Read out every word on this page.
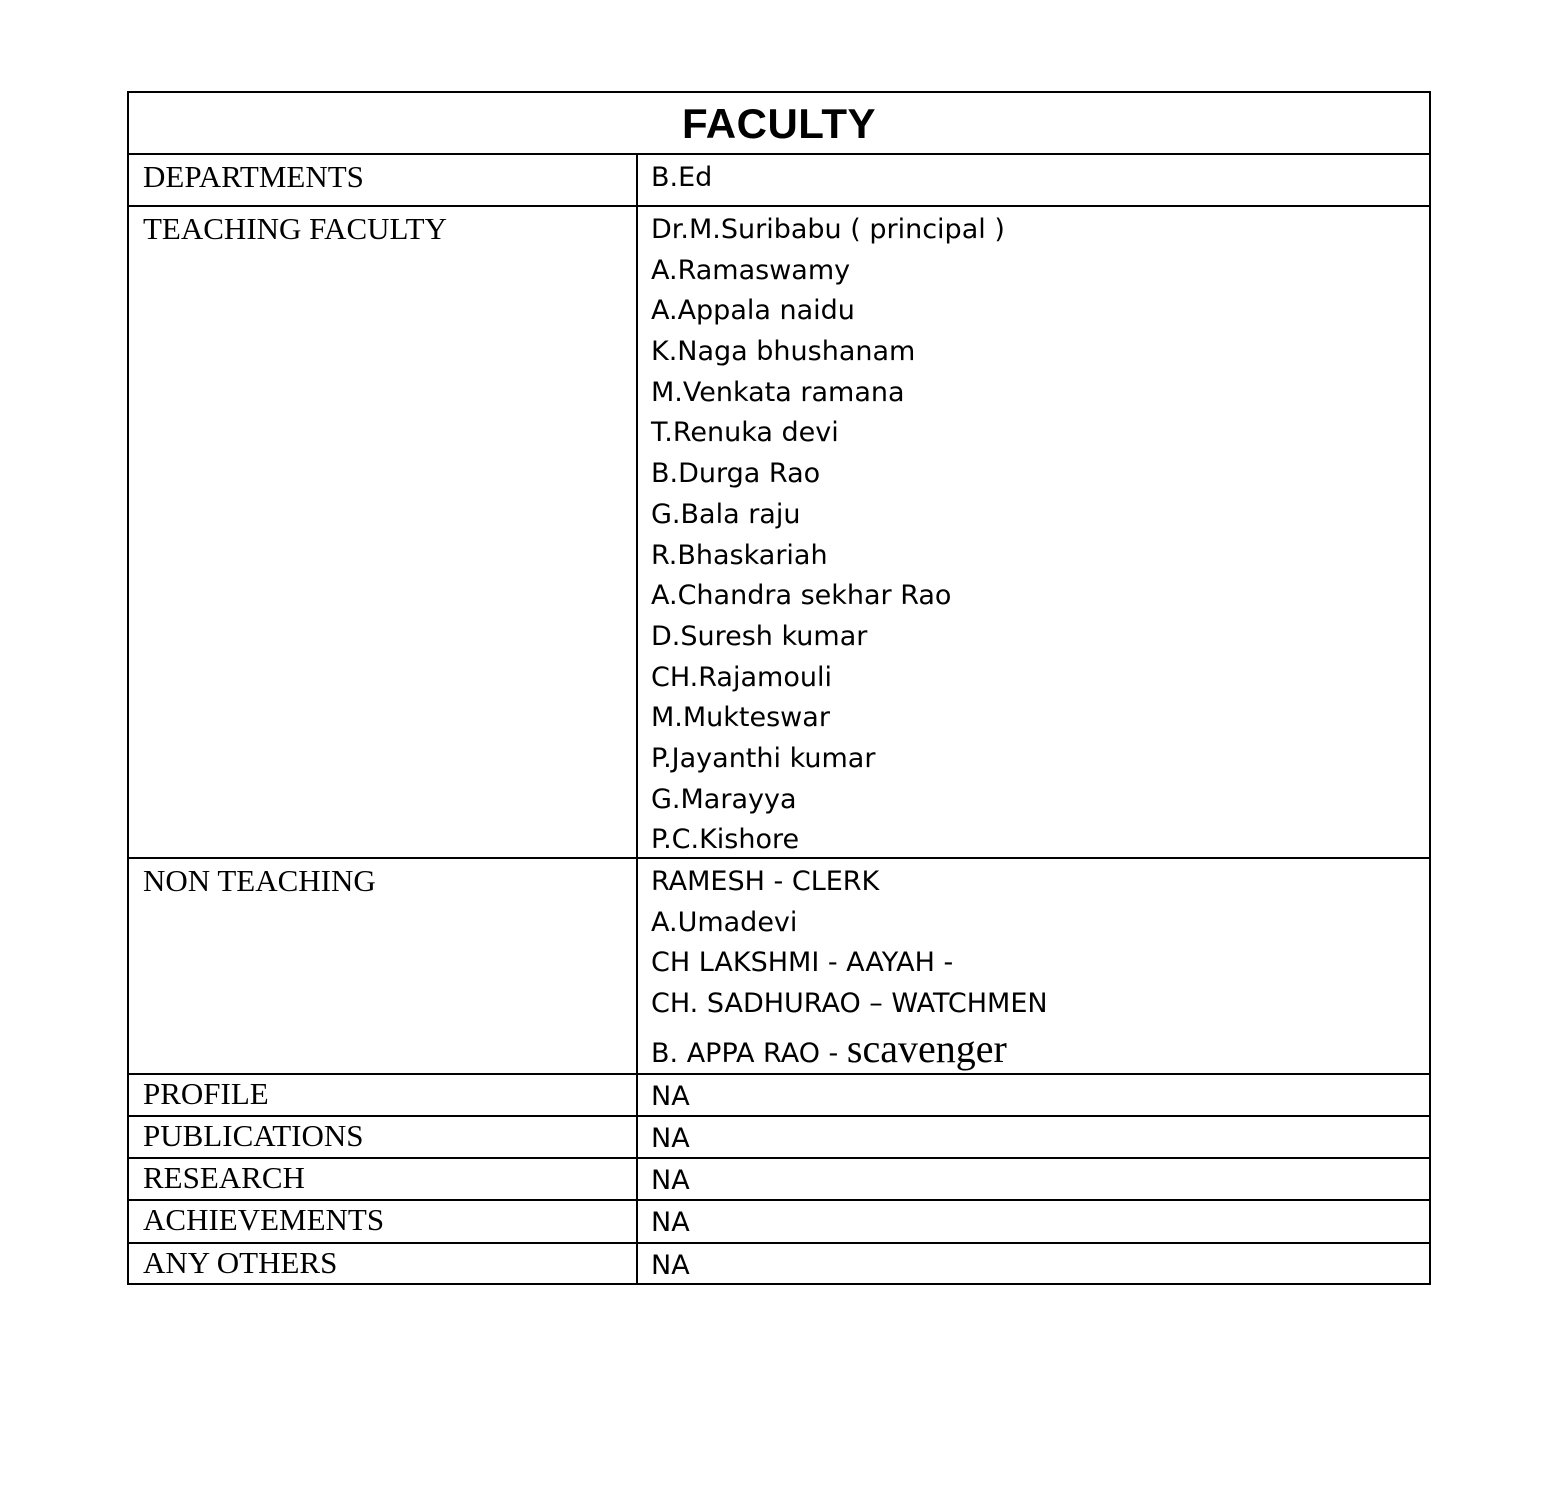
FACULTY
DEPARTMENTS	B.Ed
TEACHING FACULTY	Dr.M.Suribabu ( principal )
A.Ramaswamy
A.Appala naidu
K.Naga bhushanam
M.Venkata ramana
T.Renuka devi
B.Durga Rao
G.Bala raju
R.Bhaskariah
A.Chandra sekhar Rao
D.Suresh kumar
CH.Rajamouli
M.Mukteswar
P.Jayanthi kumar
G.Marayya
P.C.Kishore
NON TEACHING	RAMESH - CLERK
A.Umadevi
CH LAKSHMI - AAYAH -
CH. SADHURAO – WATCHMEN
B. APPA RAO - scavenger
PROFILE	NA
PUBLICATIONS	NA
RESEARCH	NA
ACHIEVEMENTS	NA
ANY OTHERS	NA
